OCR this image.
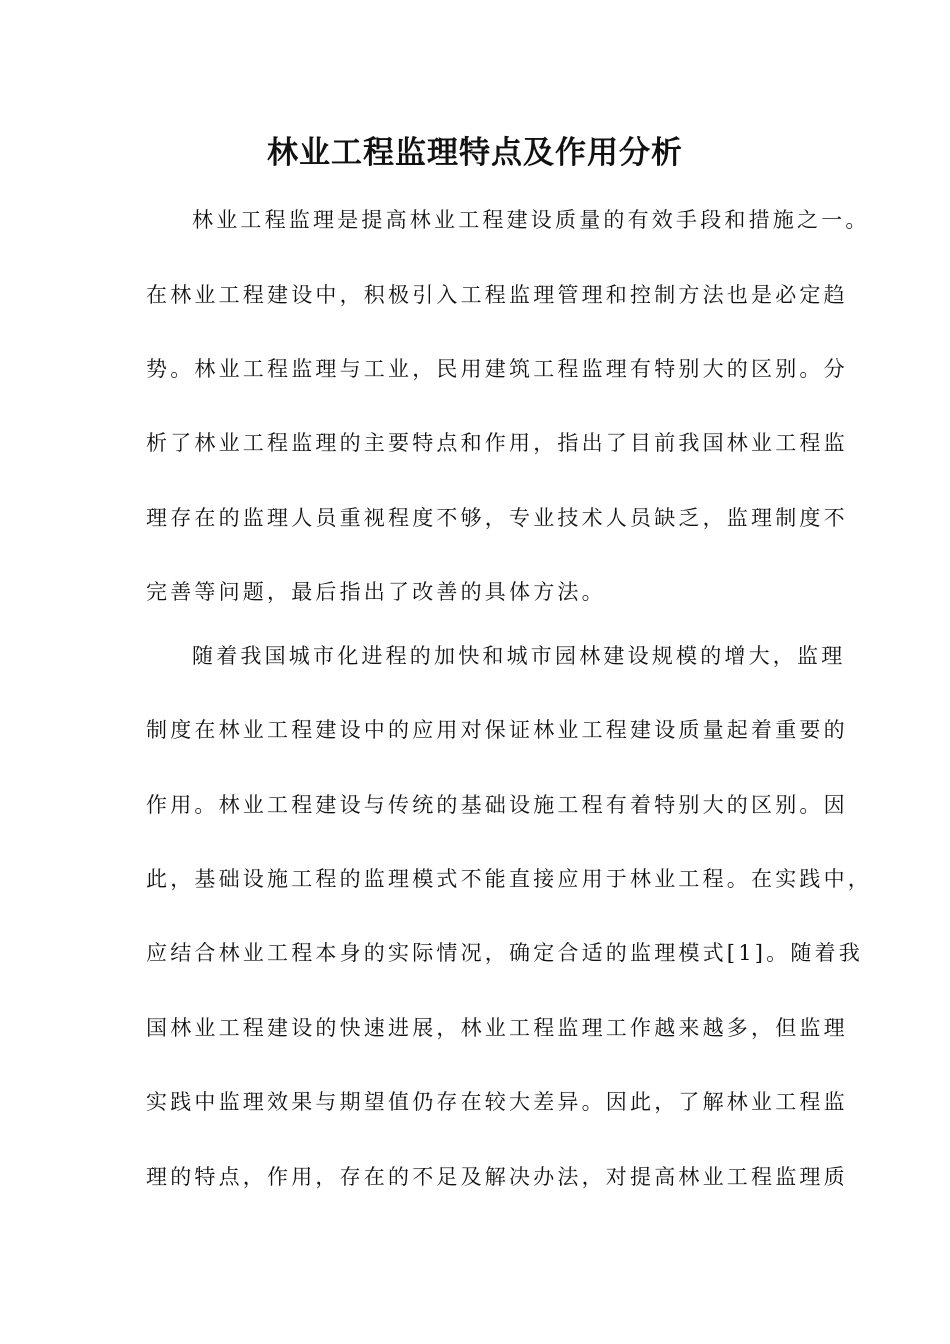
林业工程监理特点及作用分析
林业工程监理是提高林业工程建设质量的有效手段和措施之一。
在林业工程建设中，积极引入工程监理管理和控制方法也是必定趋
势。林业工程监理与工业，民用建筑工程监理有特别大的区别。分
析了林业工程监理的主要特点和作用，指出了目前我国林业工程监
理存在的监理人员重视程度不够，专业技术人员缺乏，监理制度不
完善等问题，最后指出了改善的具体方法。
随着我国城市化进程的加快和城市园林建设规模的增大，监理
制度在林业工程建设中的应用对保证林业工程建设质量起着重要的
作用。林业工程建设与传统的基础设施工程有着特别大的区别。因
此，基础设施工程的监理模式不能直接应用于林业工程。在实践中，
应结合林业工程本身的实际情况，确定合适的监理模式[1]。随着我
国林业工程建设的快速进展，林业工程监理工作越来越多，但监理
实践中监理效果与期望值仍存在较大差异。因此，了解林业工程监
理的特点，作用，存在的不足及解决办法，对提高林业工程监理质
